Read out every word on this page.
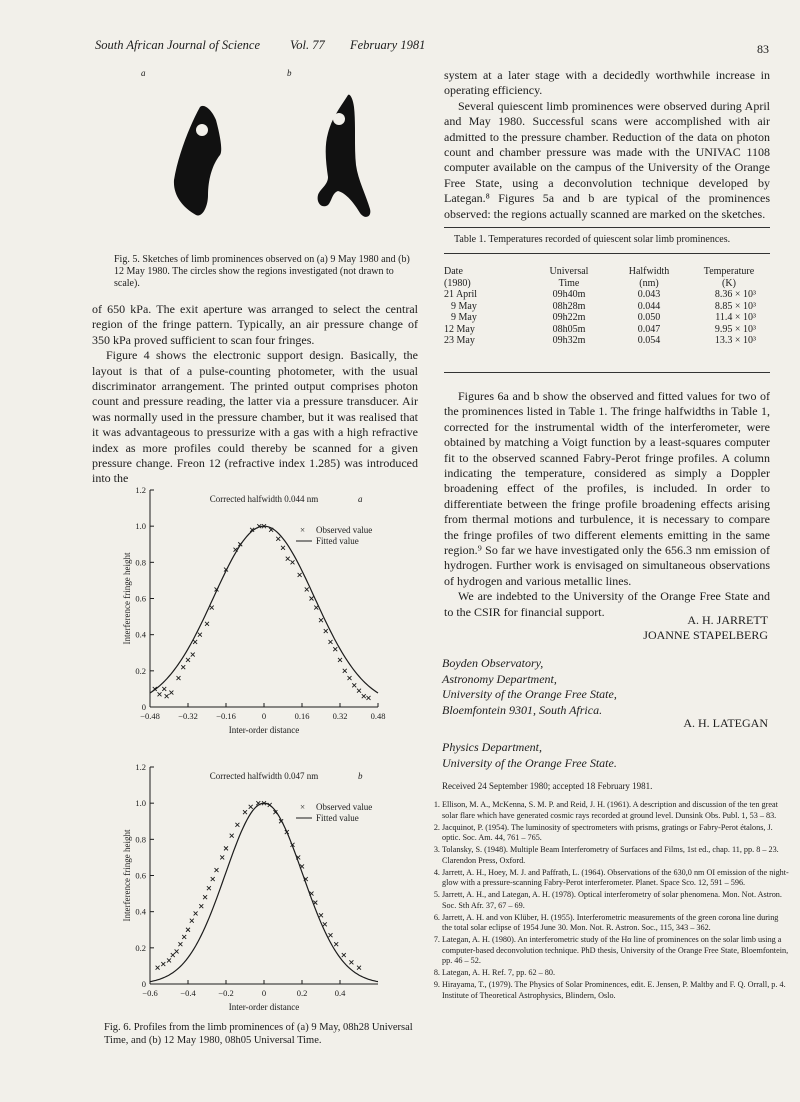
South African Journal of Science Vol. 77 February 1981	83
a	b
Fig. 5. Sketches of limb prominences observed on (a) 9 May 1980 and (b) 12 May 1980. The circles show the regions investigated (not drawn to scale).

of 650 kPa. The exit aperture was arranged to select the central region of the fringe pattern. Typically, an air pressure change of 350 kPa proved sufficient to scan four fringes.

Figure 4 shows the electronic support design. Basically, the layout is that of a pulse-counting photometer, with the usual discriminator arrangement. The printed output comprises photon count and pressure reading, the latter via a pressure transducer. Air was normally used in the pressure chamber, but it was realised that it was advantageous to pressurize with a gas with a high refractive index as more profiles could thereby be scanned for a given pressure change. Freon 12 (refractive index 1.285) was introduced into the

0
0.2
0.4
0.6
0.8
1.0
1.2
−0.48 −0.32 −0.16	0	0.16	0.32	0.48
Inter-order distance
Interference fringe height
Corrected halfwidth 0.044 nm	a
× Observed value
Fitted value
0
0.2
0.4
0.6
0.8
1.0
1.2
−0.6	−0.4	−0.2	0	0.2	0.4
Inter-order distance
Interference fringe height
Corrected halfwidth 0.047 nm	b
× Observed value
Fitted value
Fig. 6. Profiles from the limb prominences of (a) 9 May, 08h28 Universal Time, and (b) 12 May 1980, 08h05 Universal Time.

system at a later stage with a decidedly worthwhile increase in operating efficiency.

Several quiescent limb prominences were observed during April and May 1980. Successful scans were accomplished with air admitted to the pressure chamber. Reduction of the data on photon count and chamber pressure was made with the UNIVAC 1108 computer available on the campus of the University of the Orange Free State, using a deconvolution technique developed by Lategan.⁸ Figures 5a and b are typical of the prominences observed: the regions actually scanned are marked on the sketches.

Table 1. Temperatures recorded of quiescent solar limb prominences.
Date	Universal	Halfwidth	Temperature
(1980)	Time	(nm)	(K)
21 April	09h40m	0.043	8.36 × 10³
9 May	08h28m	0.044	8.85 × 10³
9 May	09h22m	0.050	11.4 × 10³
12 May	08h05m	0.047	9.95 × 10³
23 May	09h32m	0.054	13.3 × 10³

Figures 6a and b show the observed and fitted values for two of the prominences listed in Table 1. The fringe halfwidths in Table 1, corrected for the instrumental width of the interferometer, were obtained by matching a Voigt function by a least-squares computer fit to the observed scanned Fabry-Perot fringe profiles. A column indicating the temperature, considered as simply a Doppler broadening effect of the profiles, is included. In order to differentiate between the fringe profile broadening effects arising from thermal motions and turbulence, it is necessary to compare the fringe profiles of two different elements emitting in the same region.⁹ So far we have investigated only the 656.3 nm emission of hydrogen. Further work is envisaged on simultaneous observations of hydrogen and various metallic lines.

We are indebted to the University of the Orange Free State and to the CSIR for financial support.

A. H. JARRETT
JOANNE STAPELBERG
Boyden Observatory,
Astronomy Department,
University of the Orange Free State,
Bloemfontein 9301, South Africa.
A. H. LATEGAN
Physics Department,
University of the Orange Free State.
Received 24 September 1980; accepted 18 February 1981.
1. Ellison, M. A., McKenna, S. M. P. and Reid, J. H. (1961). A description and discussion of the ten great solar flare which have generated cosmic rays recorded at ground level. Dunsink Obs. Publ. 1, 53 – 83.
2. Jacquinot, P. (1954). The luminosity of spectrometers with prisms, gratings or Fabry-Perot étalons, J. optic. Soc. Am. 44, 761 – 765.
3. Tolansky, S. (1948). Multiple Beam Interferometry of Surfaces and Films, 1st ed., chap. 11, pp. 8 – 23. Clarendon Press, Oxford.
4. Jarrett, A. H., Hoey, M. J. and Paffrath, L. (1964). Observations of the 630,0 nm OI emission of the night-glow with a pressure-scanning Fabry-Perot interferometer. Planet. Space Sco. 12, 591 – 596.
5. Jarrett, A. H., and Lategan, A. H. (1978). Optical interferometry of solar phenomena. Mon. Not. Astron. Soc. Sth Afr. 37, 67 – 69.
6. Jarrett, A. H. and von Klüber, H. (1955). Interferometric measurements of the green corona line during the total solar eclipse of 1954 June 30. Mon. Not. R. Astron. Soc., 115, 343 – 362.
7. Lategan, A. H. (1980). An interferometric study of the Hα line of prominences on the solar limb using a computer-based deconvolution technique. PhD thesis, University of the Orange Free State, Bloemfontein, pp. 46 – 52.
8. Lategan, A. H. Ref. 7, pp. 62 – 80.
9. Hirayama, T., (1979). The Physics of Solar Prominences, edit. E. Jensen, P. Maltby and F. Q. Orrall, p. 4. Institute of Theoretical Astrophysics, Blindern, Oslo.
